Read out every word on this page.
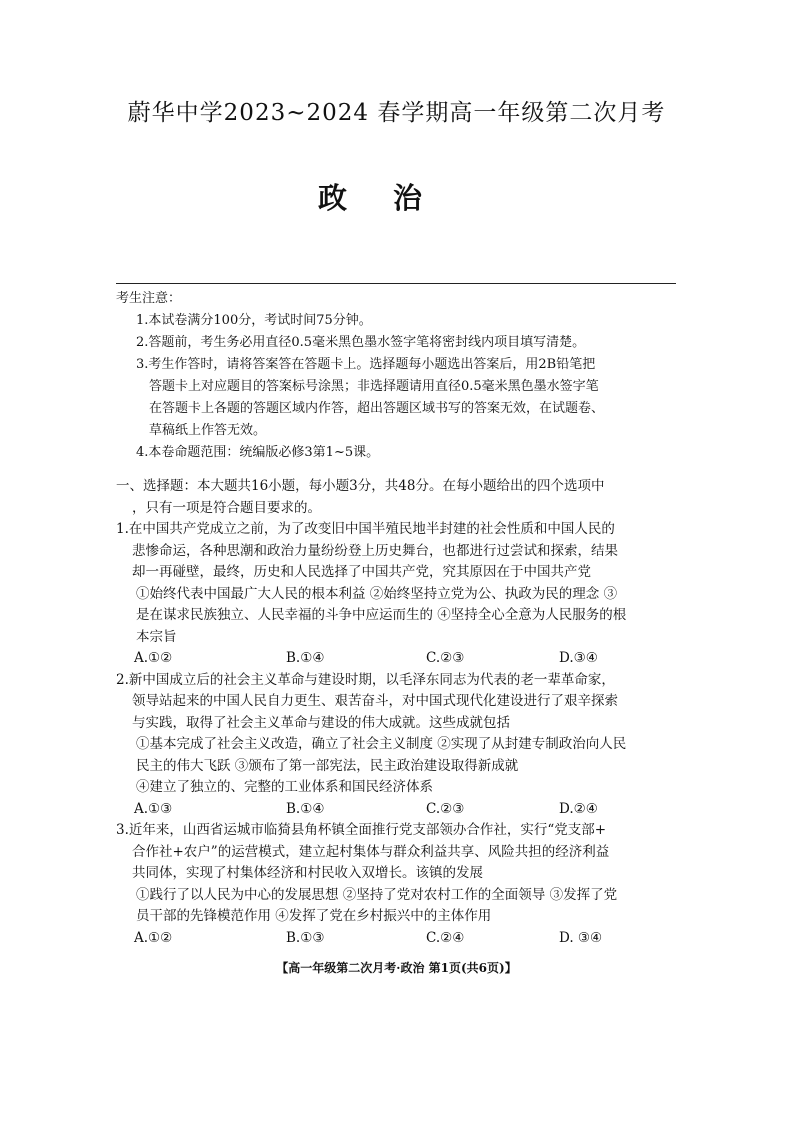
蔚华中学2023~2024 春学期高一年级第二次月考
政治
考生注意：
1.本试卷满分100分，考试时间75分钟。
2.答题前，考生务必用直径0.5毫米黑色墨水签字笔将密封线内项目填写清楚。
3.考生作答时，请将答案答在答题卡上。选择题每小题选出答案后，用2B铅笔把
答题卡上对应题目的答案标号涂黑；非选择题请用直径0.5毫米黑色墨水签字笔
在答题卡上各题的答题区域内作答，超出答题区域书写的答案无效，在试题卷、
草稿纸上作答无效。
4.本卷命题范围：统编版必修3第1~5课。
一、选择题：本大题共16小题，每小题3分，共48分。在每小题给出的四个选项中
，只有一项是符合题目要求的。
1.在中国共产党成立之前，为了改变旧中国半殖民地半封建的社会性质和中国人民的
悲惨命运，各种思潮和政治力量纷纷登上历史舞台，也都进行过尝试和探索，结果
却一再碰壁，最终，历史和人民选择了中国共产党，究其原因在于中国共产党
①始终代表中国最广大人民的根本利益 ②始终坚持立党为公、执政为民的理念 ③
是在谋求民族独立、人民幸福的斗争中应运而生的 ④坚持全心全意为人民服务的根
本宗旨
A.①②	B.①④	C.②③	D.③④
2.新中国成立后的社会主义革命与建设时期，以毛泽东同志为代表的老一辈革命家，
领导站起来的中国人民自力更生、艰苦奋斗，对中国式现代化建设进行了艰辛探索
与实践，取得了社会主义革命与建设的伟大成就。这些成就包括
①基本完成了社会主义改造，确立了社会主义制度 ②实现了从封建专制政治向人民
民主的伟大飞跃 ③颁布了第一部宪法，民主政治建设取得新成就
④建立了独立的、完整的工业体系和国民经济体系
A.①③	B.①④	C.②③	D.②④
3.近年来，山西省运城市临猗县角杯镇全面推行党支部领办合作社，实行“党支部+
合作社+农户”的运营模式，建立起村集体与群众利益共享、风险共担的经济利益
共同体，实现了村集体经济和村民收入双增长。该镇的发展
①践行了以人民为中心的发展思想 ②坚持了党对农村工作的全面领导 ③发挥了党
员干部的先锋模范作用 ④发挥了党在乡村振兴中的主体作用
A.①②	B.①③	C.②④	D. ③④
【高一年级第二次月考·政治 第1页(共6页)】
